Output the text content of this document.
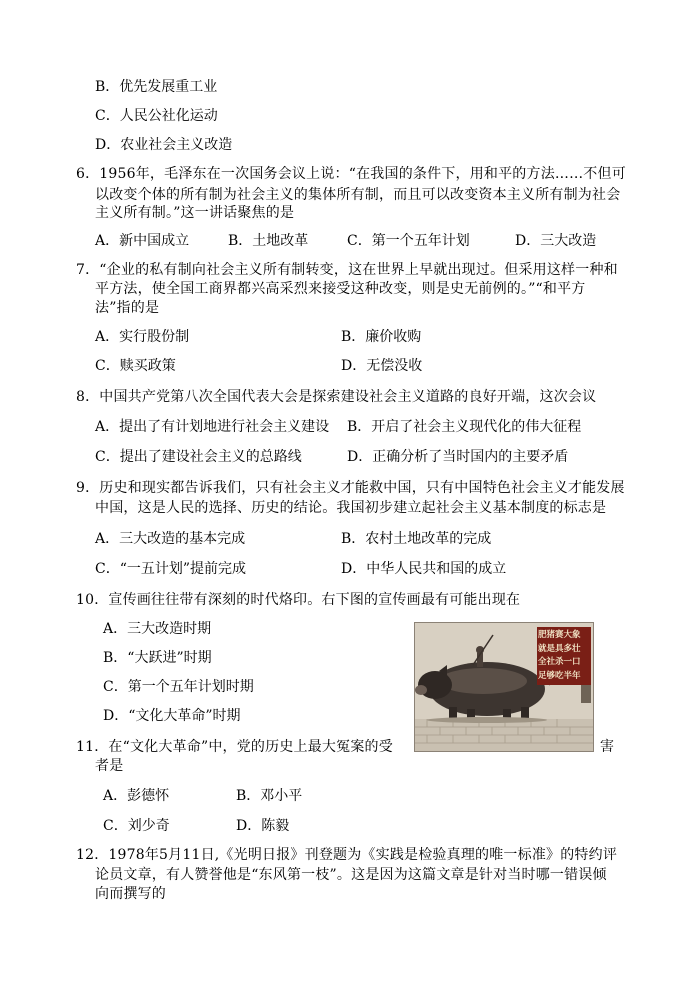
B．优先发展重工业
C．人民公社化运动
D．农业社会主义改造
6．1956年，毛泽东在一次国务会议上说：“在我国的条件下，用和平的方法……不但可
以改变个体的所有制为社会主义的集体所有制，而且可以改变资本主义所有制为社会
主义所有制。”这一讲话聚焦的是
A．新中国成立	B．土地改革	C．第一个五年计划	D．三大改造
7．“企业的私有制向社会主义所有制转变，这在世界上早就出现过。但采用这样一种和
平方法，使全国工商界都兴高采烈来接受这种改变，则是史无前例的。”“和平方
法”指的是
A．实行股份制	B．廉价收购
C．赎买政策	D．无偿没收
8．中国共产党第八次全国代表大会是探索建设社会主义道路的良好开端，这次会议
A．提出了有计划地进行社会主义建设 B．开启了社会主义现代化的伟大征程
C．提出了建设社会主义的总路线	D．正确分析了当时国内的主要矛盾
9．历史和现实都告诉我们，只有社会主义才能救中国，只有中国特色社会主义才能发展
中国，这是人民的选择、历史的结论。我国初步建立起社会主义基本制度的标志是
A．三大改造的基本完成	B．农村土地改革的完成
C．“一五计划”提前完成	D．中华人民共和国的成立
10．宣传画往往带有深刻的时代烙印。右下图的宣传画最有可能出现在
A．三大改造时期
B．“大跃进”时期
C．第一个五年计划时期
D．“文化大革命”时期
肥猪赛大象
就是具多壮
全社杀一口
足够吃半年
11．在“文化大革命”中，党的历史上最大冤案的受	害
者是
A．彭德怀	B．邓小平
C．刘少奇	D．陈毅
12．1978年5月11日,《光明日报》刊登题为《实践是检验真理的唯一标准》的特约评
论员文章，有人赞誉他是“东风第一枝”。这是因为这篇文章是针对当时哪一错误倾
向而撰写的
